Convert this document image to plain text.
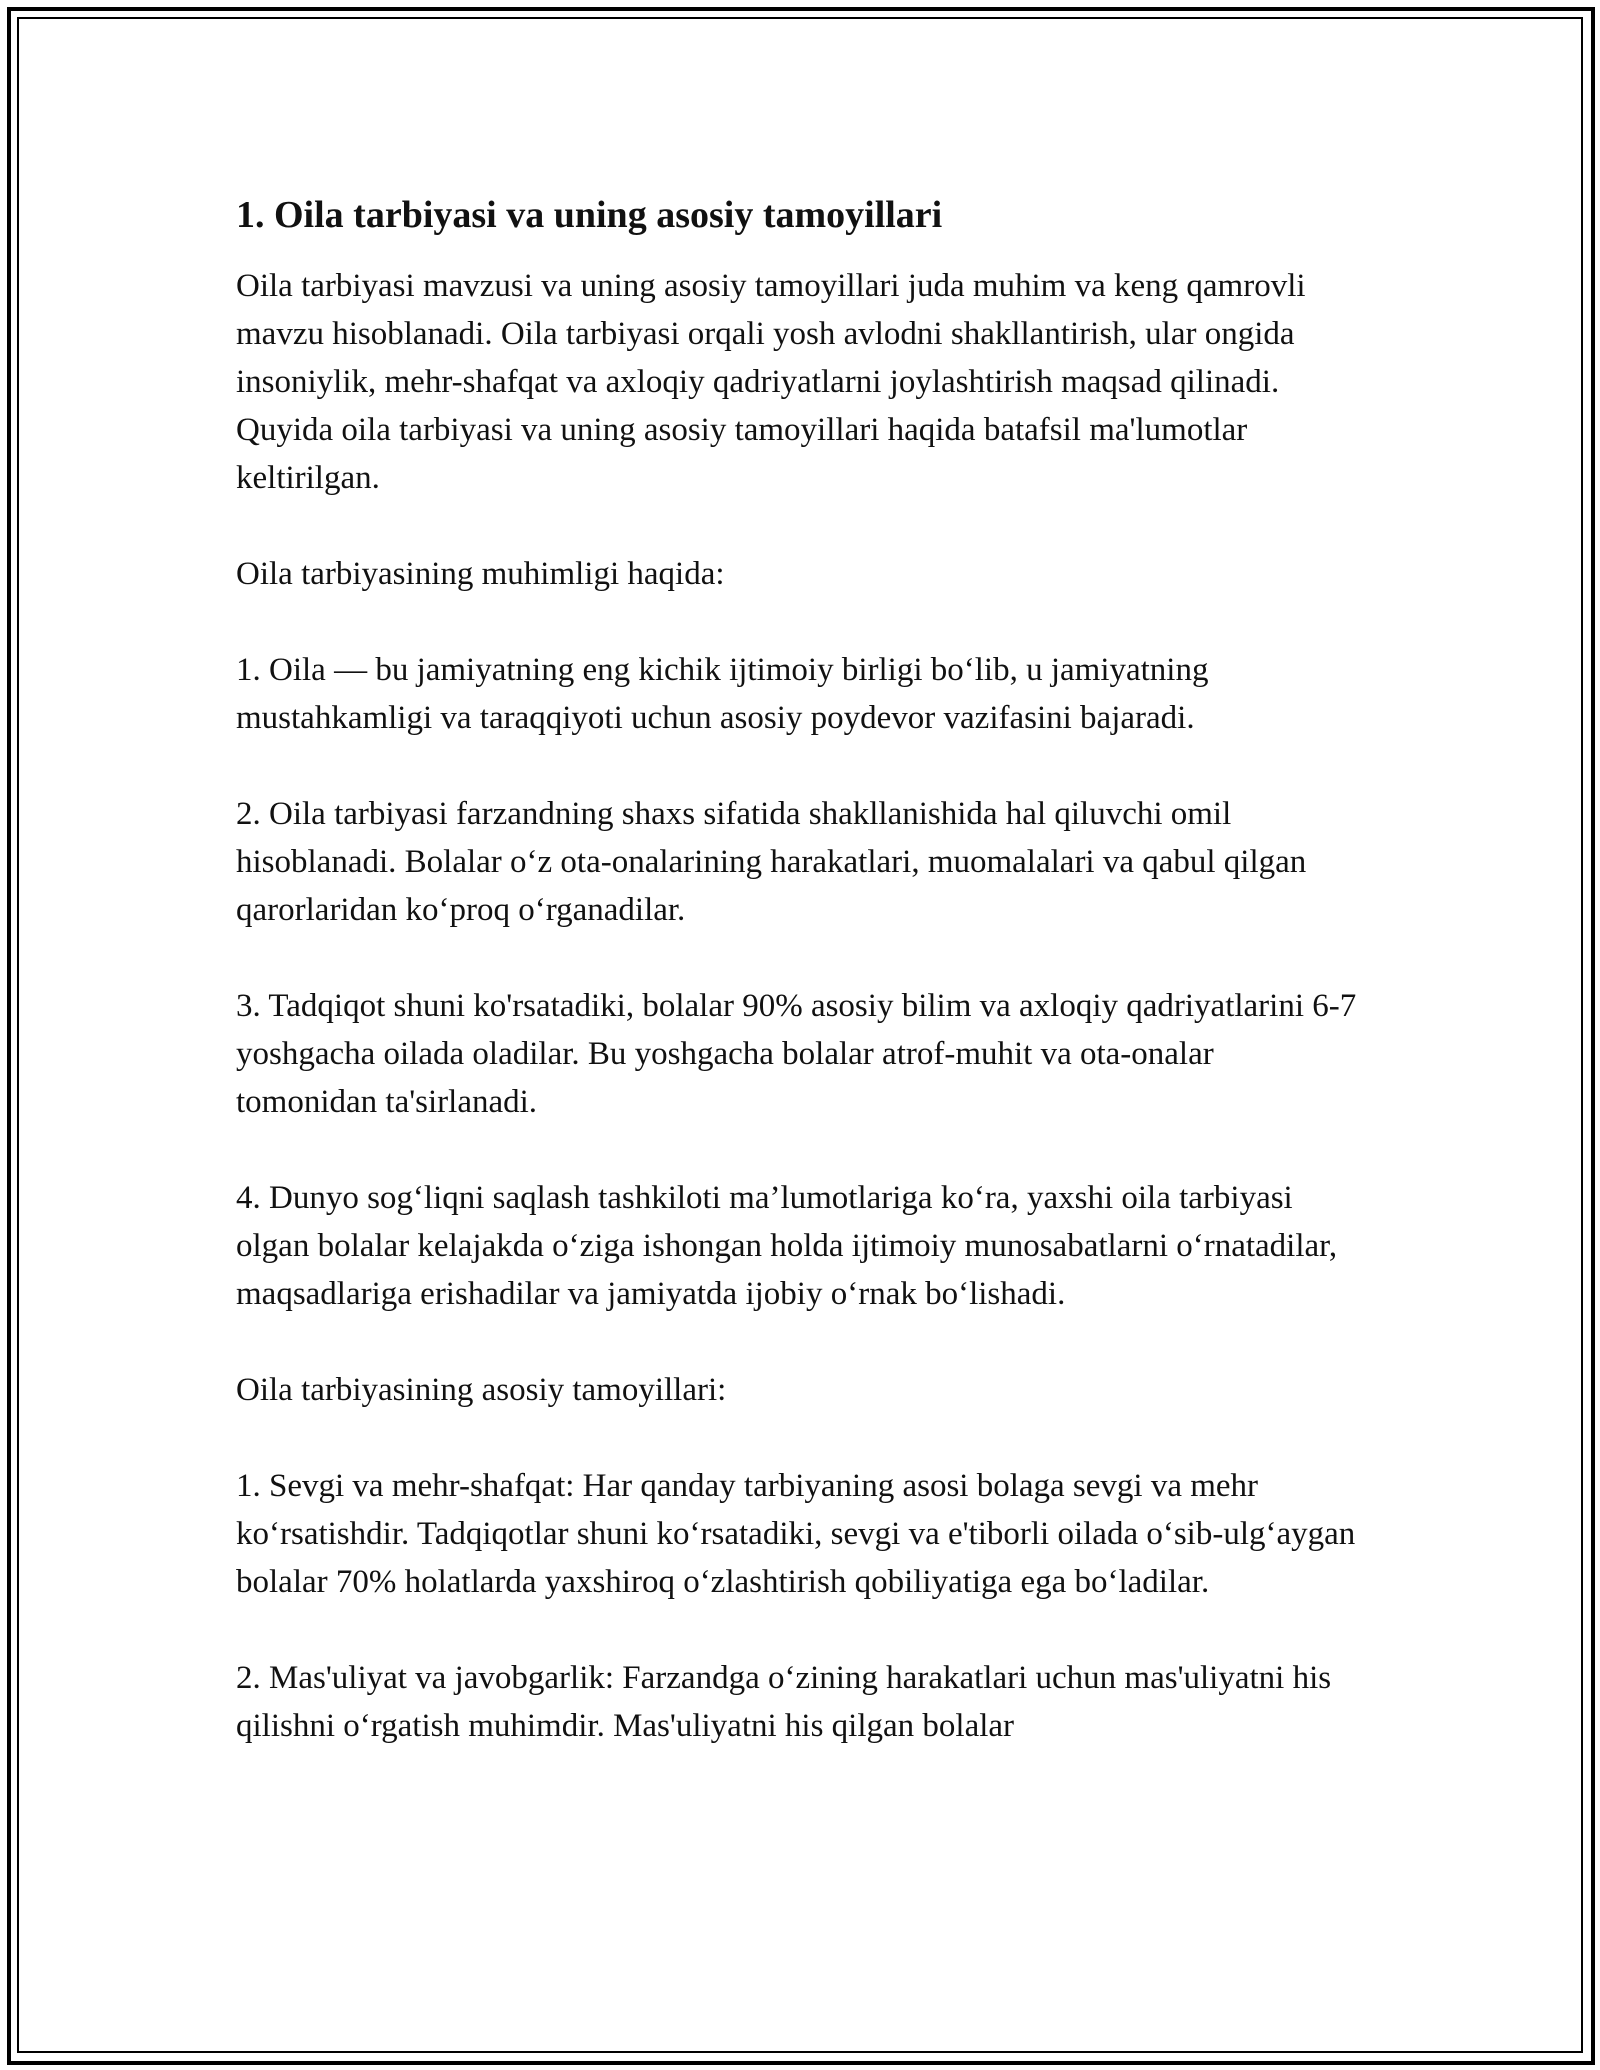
1. Oila tarbiyasi va uning asosiy tamoyillari

Oila tarbiyasi mavzusi va uning asosiy tamoyillari juda muhim va keng qamrovli mavzu hisoblanadi. Oila tarbiyasi orqali yosh avlodni shakllantirish, ular ongida insoniylik, mehr-shafqat va axloqiy qadriyatlarni joylashtirish maqsad qilinadi. Quyida oila tarbiyasi va uning asosiy tamoyillari haqida batafsil ma'lumotlar keltirilgan.

Oila tarbiyasining muhimligi haqida:

1. Oila — bu jamiyatning eng kichik ijtimoiy birligi bo‘lib, u jamiyatning mustahkamligi va taraqqiyoti uchun asosiy poydevor vazifasini bajaradi.

2. Oila tarbiyasi farzandning shaxs sifatida shakllanishida hal qiluvchi omil hisoblanadi. Bolalar o‘z ota-onalarining harakatlari, muomalalari va qabul qilgan qarorlaridan ko‘proq o‘rganadilar.

3. Tadqiqot shuni ko'rsatadiki, bolalar 90% asosiy bilim va axloqiy qadriyatlarini 6-7 yoshgacha oilada oladilar. Bu yoshgacha bolalar atrof-muhit va ota-onalar tomonidan ta'sirlanadi.

4. Dunyo sog‘liqni saqlash tashkiloti ma’lumotlariga ko‘ra, yaxshi oila tarbiyasi olgan bolalar kelajakda o‘ziga ishongan holda ijtimoiy munosabatlarni o‘rnatadilar, maqsadlariga erishadilar va jamiyatda ijobiy o‘rnak bo‘lishadi.

Oila tarbiyasining asosiy tamoyillari:

1. Sevgi va mehr-shafqat: Har qanday tarbiyaning asosi bolaga sevgi va mehr ko‘rsatishdir. Tadqiqotlar shuni ko‘rsatadiki, sevgi va e'tiborli oilada o‘sib-ulg‘aygan bolalar 70% holatlarda yaxshiroq o‘zlashtirish qobiliyatiga ega bo‘ladilar.

2. Mas'uliyat va javobgarlik: Farzandga o‘zining harakatlari uchun mas'uliyatni his qilishni o‘rgatish muhimdir. Mas'uliyatni his qilgan bolalar
